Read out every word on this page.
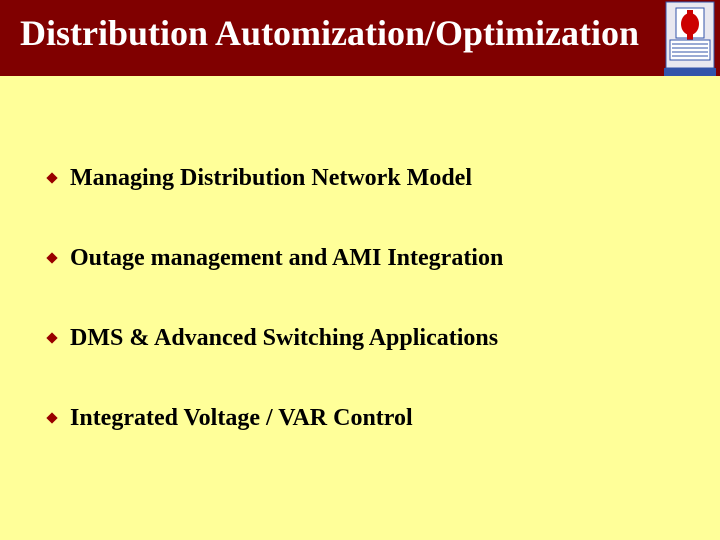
Distribution Automization/Optimization
Managing Distribution Network Model
Outage management and AMI Integration
DMS & Advanced Switching Applications
Integrated Voltage / VAR Control
